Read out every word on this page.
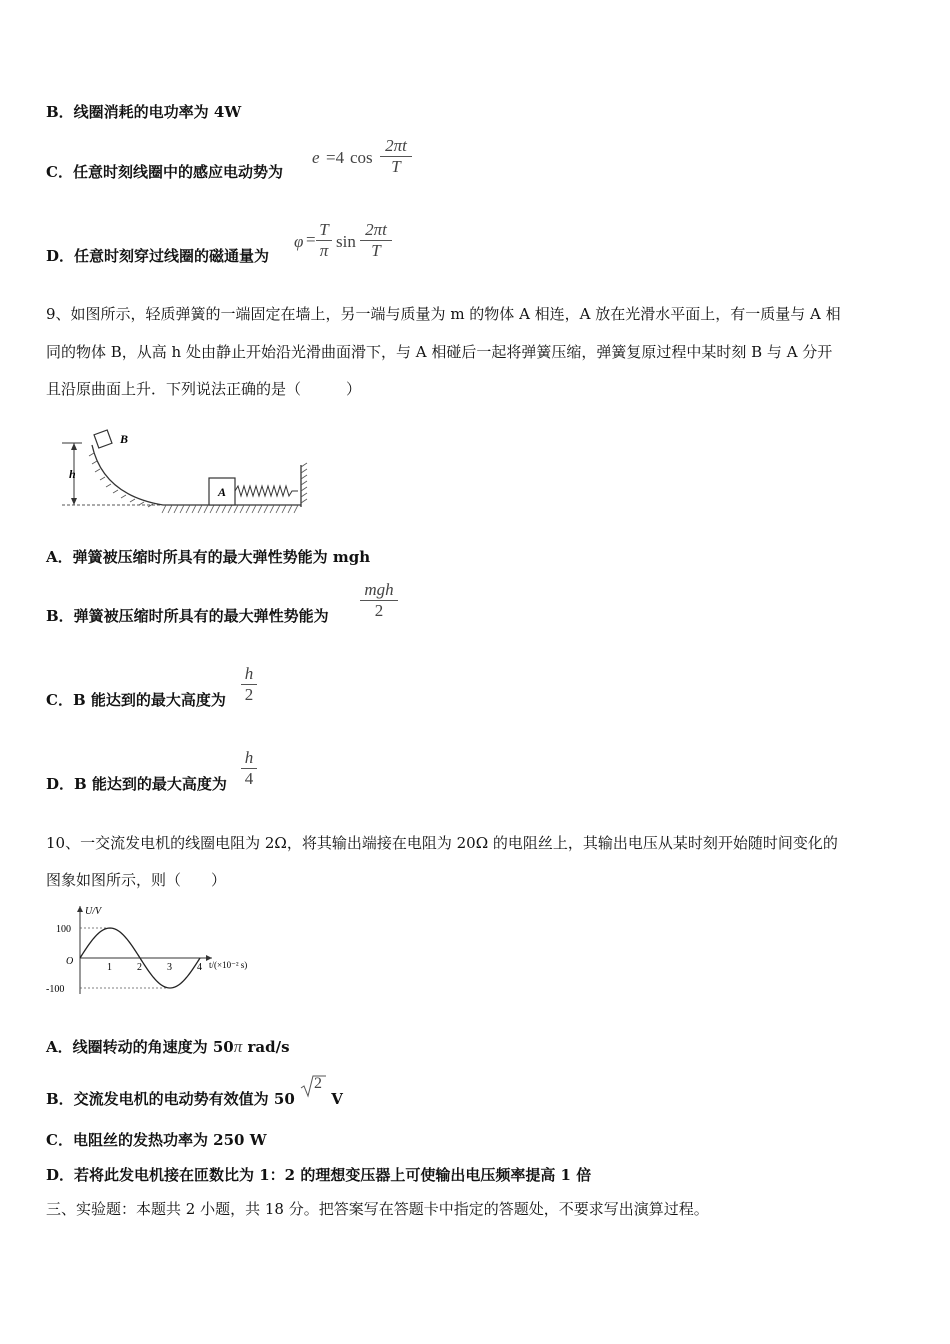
B．线圈消耗的电功率为 4W
C．任意时刻线圈中的感应电动势为
e =4 cos
2πt
T
D．任意时刻穿过线圈的磁通量为
φ =
T
π sin
2πt
T
9、如图所示，轻质弹簧的一端固定在墙上，另一端与质量为 m 的物体 A 相连，A 放在光滑水平面上，有一质量与 A 相
同的物体 B，从高 h 处由静止开始沿光滑曲面滑下，与 A 相碰后一起将弹簧压缩，弹簧复原过程中某时刻 B 与 A 分开
且沿原曲面上升．下列说法正确的是（　　　）
h
B
A
A．弹簧被压缩时所具有的最大弹性势能为 mgh
B．弹簧被压缩时所具有的最大弹性势能为
mgh
2
C．B 能达到的最大高度为
h
2
D．B 能达到的最大高度为
h
4
10、一交流发电机的线圈电阻为 2Ω，将其输出端接在电阻为 20Ω 的电阻丝上，其输出电压从某时刻开始随时间变化的
图象如图所示，则（　　）
U/V
t/(×10⁻² s)
O
100
-100
1	2	3	4
A．线圈转动的角速度为 50π rad/s
B．交流发电机的电动势有效值为 50
2
V
C．电阻丝的发热功率为 250 W
D．若将此发电机接在匝数比为 1：2 的理想变压器上可使输出电压频率提高 1 倍
三、实验题：本题共 2 小题，共 18 分。把答案写在答题卡中指定的答题处，不要求写出演算过程。
